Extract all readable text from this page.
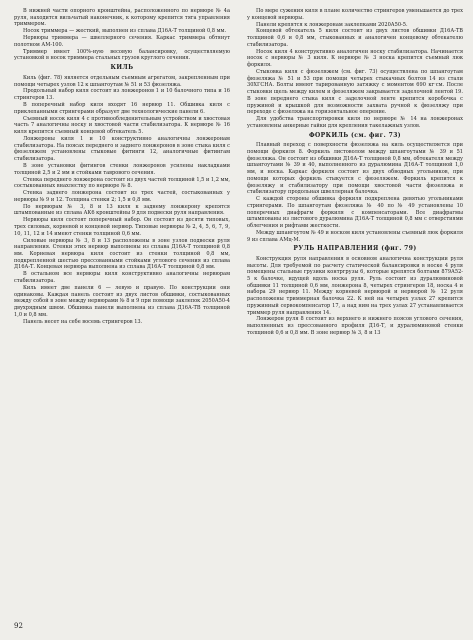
В нижней части опорного кронштейна, расположенного по нервюре № 4а руля, находится вильчатый наконечник, к которому крепится тяга управления триммером.

Носок триммера — жесткий, выполнен из сплава Д16А-Т толщиной 0,8 мм.

Нервюры триммера — швеллерного сечения. Каркас триммера обтянут полотном АМ-100.

Триммер имеет 100%-ную весовую балансировку, осуществляемую установкой в носок триммера стальных грузов круглого сечения.

КИЛЬ

Киль (фиг. 78) является отдельным съемным агрегатом, закрепленным при помощи четырех узлов 12 к шпангоутам № 51 и 53 фюзеляжа.

Продольный набор киля состоит из лонжеронов 1 и 10 балочного типа и 16 стрингеров 13.

В поперечный набор киля входят 16 нервюр 11. Обшивка киля с приклепанными стрингерами образует две технологические панели 6.

Съемный носок киля 4 с противообледенительным устройством и хвостовая часть 7 аналогичны носку и хвостовой части стабилизатора. К нервюре № 16 киля крепится съемный концевой обтекатель 5.

Лонжероны киля 1 и 10 конструктивно аналогичны лонжеронам стабилизатора. На поясах переднего и заднего лонжеронов в зоне стыка киля с фюзеляжем установлены стыковые фитинги 12, аналогичные фитингам стабилизатора.

В зоне установки фитингов стенки лонжеронов усилены накладками толщиной 2,5 и 2 мм и стойками таврового сечения.

Стенка переднего лонжерона состоит из двух частей толщиной 1,5 и 1,2 мм, состыкованных внахлестку по нервюре № 8.

Стенка заднего лонжерона состоит из трех частей, состыкованных у нервюры № 9 и 12. Толщина стенки 2; 1,5 и 0,8 мм.

По нервюрам № 3, 8 и 13 киля к заднему лонжерону крепятся штампованные из сплава АК6 кронштейны 9 для подвески руля направления.

Нервюры киля состоят поперечный набор. Он состоит из десяти типовых, трех силовых, корневой и концевой нервюр. Типовые нервюры № 2, 4, 5, 6, 7, 9, 10, 11, 12 и 14 имеют стенки толщиной 0,6 мм.

Силовые нервюры № 3, 8 и 13 расположены в зоне узлов подвески руля направления. Стенки этих нервюр выполнены из сплава Д16А-Т толщиной 0,8 мм. Корневая нервюра киля состоит из стенки толщиной 0,8 мм, подкрепленной шестью прессованными стойками углового сечения из сплава Д16А-Т. Концевая нервюра выполнена из сплава Д16А-Т толщиной 0,8 мм.

В остальном все нервюры киля конструктивно аналогичны нервюрам стабилизатора.

Киль имеет две панели 6 — левую и правую. По конструкции они одинаковы. Каждая панель состоит из двух листов обшивки, состыкованных между собой в зоне между нервюрами № 8 и 9 при помощи заклепок 2050А50-4 двухрядным швом. Обшивка панели выполнена из сплава Д16А-ТВ толщиной 1,0 и 0,8 мм.

Панель несет на себе восемь стрингеров 13.

По мере сужения киля в плане количество стрингеров уменьшается до трех у концевой нервюры.

Панели крепятся к лонжеронам заклепками 2020А50-5.

Концевой обтекатель 5 киля состоит из двух листов обшивки Д16А-ТВ толщиной 0,6 и 0,8 мм, стыкованных и аналогичен концевому обтекателю стабилизатора.

Носок киля 4 конструктивно аналогичен носку стабилизатора. Начинается носок с нервюры № 3 киля. К нервюре № 3 носка крепится съемный люк форкиля.

Стыковка киля с фюзеляжем (см. фиг. 73) осуществлена по шпангоутам фюзеляжа № 51 и 53 при помощи четырех стыкачных болтов 14 из стали 30ХГСНА. Болты имеют тарированную затяжку с моментом 690 кг·см. После стыковки щель между килем и фюзеляжем закрывается заделочной лентой 19. В зоне переднего стыка киля с заделочной ленте крепится коробочка с пружиной и крышкой для возможности захвата ручной к фюзеляжу при переходе с фюзеляжа на горизонтальное оперение.

Для удобства транспортировки киля по нервюре № 14 на лонжеронах установлены анкерные гайки для крепления такелажных узлов.

ФОРКИЛЬ (см. фиг. 73)

Плавный переход с поверхности фюзеляжа на киль осуществляется при помощи форкиля 8. Форкиль листоволом между шпангоутами № 39 и 51 фюзеляжа. Он состоит из обшивки Д16А-Т толщиной 0,8 мм, обтекателя между шпангоутами № 39 и 40, выполненного из дуралюмина Д16А-Т толщиной 1,0 мм, и носка. Каркас форкиля состоит из двух обводных угольников, при помощи которых форкиль стыкуется с фюзеляжем. Форкиль крепится к фюзеляжу и стабилизатору при помощи хвостовой части фюзеляжа и стабилизатору продольная швеллерная балочка.

С каждой стороны обшивка форкиля подкреплена девятью угольниками стрингерами. По шпангоутам фюзеляжа № 40 по № 49 установлены 10 поперечных диафрагм форкиля с компенсаторами. Все диафрагмы штампованы из листового дуралюмина Д16А-Т толщиной 0,8 мм с отверстиями облегчения и рифтами жесткости.

Между шпангоутом № 49 и носком киля установлены съемный люк форкиля 9 из сплава АМц-М.

РУЛЬ НАПРАВЛЕНИЯ (фиг. 79)

Конструкция руля направления в основном аналогична конструкции руля высоты. Для требуемой по расчету статической балансировки в носке 4 руля помещены стальные грузики контргрузы 6, которые крепятся болтами 879А52-5 к балочке, идущей вдоль носка руля. Руль состоит из дуралюминовой обшивки 11 толщиной 0,6 мм, лонжерона 8, четырех стрингеров 18, носка 4 и набора 29 нервюр 11. Между корневой нервюрой и нервюрой № 12 руля расположены триммерная балочка 22. К ней на четырех узлах 27 крепится пружинный сервокомпенсатор 17, а над ним на трех узлах 27 устанавливается триммер руля направления 14.

Лонжерон руля 8 состоит из верхнего и нижнего поясов углового сечения, выполненных из прессованного профиля Д16-Т, и дуралюминовой стенки толщиной 0,6 и 0,8 мм. В зоне нервюр № 3, 8 и 13

92
